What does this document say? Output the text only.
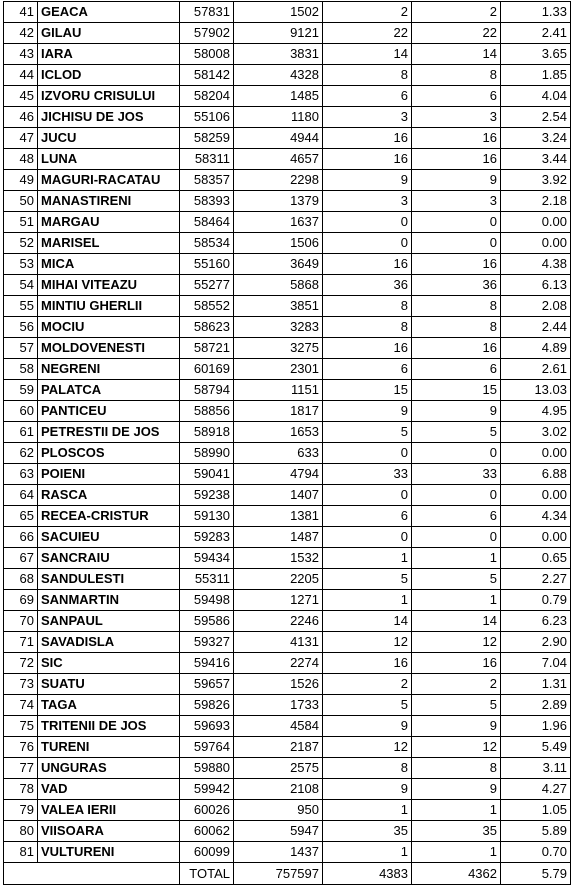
41	GEACA	57831	1502	2	2	1.33
42	GILAU	57902	9121	22	22	2.41
43	IARA	58008	3831	14	14	3.65
44	ICLOD	58142	4328	8	8	1.85
45	IZVORU CRISULUI	58204	1485	6	6	4.04
46	JICHISU DE JOS	55106	1180	3	3	2.54
47	JUCU	58259	4944	16	16	3.24
48	LUNA	58311	4657	16	16	3.44
49	MAGURI-RACATAU	58357	2298	9	9	3.92
50	MANASTIRENI	58393	1379	3	3	2.18
51	MARGAU	58464	1637	0	0	0.00
52	MARISEL	58534	1506	0	0	0.00
53	MICA	55160	3649	16	16	4.38
54	MIHAI VITEAZU	55277	5868	36	36	6.13
55	MINTIU GHERLII	58552	3851	8	8	2.08
56	MOCIU	58623	3283	8	8	2.44
57	MOLDOVENESTI	58721	3275	16	16	4.89
58	NEGRENI	60169	2301	6	6	2.61
59	PALATCA	58794	1151	15	15	13.03
60	PANTICEU	58856	1817	9	9	4.95
61	PETRESTII DE JOS	58918	1653	5	5	3.02
62	PLOSCOS	58990	633	0	0	0.00
63	POIENI	59041	4794	33	33	6.88
64	RASCA	59238	1407	0	0	0.00
65	RECEA-CRISTUR	59130	1381	6	6	4.34
66	SACUIEU	59283	1487	0	0	0.00
67	SANCRAIU	59434	1532	1	1	0.65
68	SANDULESTI	55311	2205	5	5	2.27
69	SANMARTIN	59498	1271	1	1	0.79
70	SANPAUL	59586	2246	14	14	6.23
71	SAVADISLA	59327	4131	12	12	2.90
72	SIC	59416	2274	16	16	7.04
73	SUATU	59657	1526	2	2	1.31
74	TAGA	59826	1733	5	5	2.89
75	TRITENII DE JOS	59693	4584	9	9	1.96
76	TURENI	59764	2187	12	12	5.49
77	UNGURAS	59880	2575	8	8	3.11
78	VAD	59942	2108	9	9	4.27
79	VALEA IERII	60026	950	1	1	1.05
80	VIISOARA	60062	5947	35	35	5.89
81	VULTURENI	60099	1437	1	1	0.70
		TOTAL	757597	4383	4362	5.79
